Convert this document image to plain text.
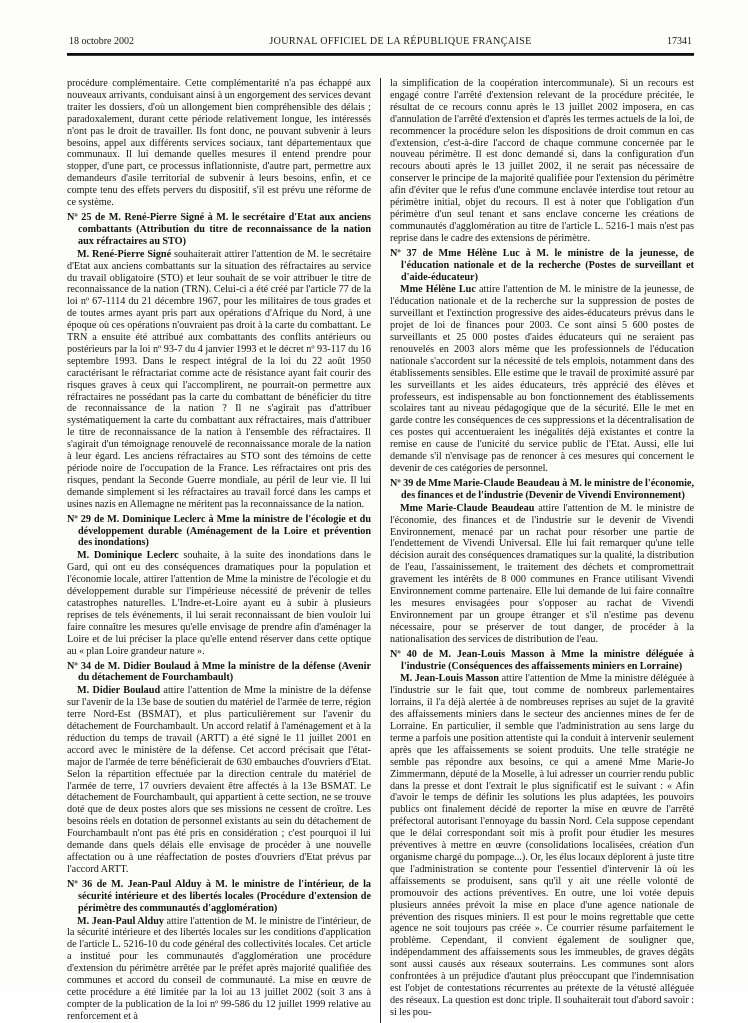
18 octobre 2002	JOURNAL OFFICIEL DE LA RÉPUBLIQUE FRANÇAISE	17341

procédure complémentaire. Cette complémentarité n'a pas échappé aux nouveaux arrivants, conduisant ainsi à un engorgement des services devant traiter les dossiers, d'où un allongement bien compréhensible des délais ; paradoxalement, durant cette période relativement longue, les intéressés n'ont pas le droit de travailler. Ils font donc, ne pouvant subvenir à leurs besoins, appel aux différents services sociaux, tant départementaux que communaux. Il lui demande quelles mesures il entend prendre pour stopper, d'une part, ce processus inflationniste, d'autre part, permettre aux demandeurs d'asile territorial de subvenir à leurs besoins, enfin, et ce compte tenu des effets pervers du dispositif, s'il est prévu une réforme de ce système.

Nº 25 de M. René-Pierre Signé à M. le secrétaire d'Etat aux anciens combattants (Attribution du titre de reconnaissance de la nation aux réfractaires au STO)

M. René-Pierre Signé souhaiterait attirer l'attention de M. le secrétaire d'Etat aux anciens combattants sur la situation des réfractaires au service du travail obligatoire (STO) et leur souhait de se voir attribuer le titre de reconnaissance de la nation (TRN). Celui-ci a été créé par l'article 77 de la loi nº 67-1114 du 21 décembre 1967, pour les militaires de tous grades et de toutes armes ayant pris part aux opérations d'Afrique du Nord, à une époque où ces opérations n'ouvraient pas droit à la carte du combattant. Le TRN a ensuite été attribué aux combattants des conflits antérieurs ou postérieurs par la loi nº 93-7 du 4 janvier 1993 et le décret nº 93-117 du 16 septembre 1993. Dans le respect intégral de la loi du 22 août 1950 caractérisant le réfractariat comme acte de résistance ayant fait courir des risques graves à ceux qui l'accomplirent, ne pourrait-on permettre aux réfractaires ne possédant pas la carte du combattant de bénéficier du titre de reconnaissance de la nation ? Il ne s'agirait pas d'attribuer systématiquement la carte du combattant aux réfractaires, mais d'attribuer le titre de reconnaissance de la nation à l'ensemble des réfractaires. Il s'agirait d'un témoignage renouvelé de reconnaissance morale de la nation à leur égard. Les anciens réfractaires au STO sont des témoins de cette période noire de l'occupation de la France. Les réfractaires ont pris des risques, pendant la Seconde Guerre mondiale, au péril de leur vie. Il lui demande simplement si les réfractaires au travail forcé dans les camps et usines nazis en Allemagne ne méritent pas la reconnaissance de la nation.

Nº 29 de M. Dominique Leclerc à Mme la ministre de l'écologie et du développement durable (Aménagement de la Loire et prévention des inondations)

M. Dominique Leclerc souhaite, à la suite des inondations dans le Gard, qui ont eu des conséquences dramatiques pour la population et l'économie locale, attirer l'attention de Mme la ministre de l'écologie et du développement durable sur l'impérieuse nécessité de prévenir de telles catastrophes naturelles. L'Indre-et-Loire ayant eu à subir à plusieurs reprises de tels événements, il lui serait reconnaissant de bien vouloir lui faire connaître les mesures qu'elle envisage de prendre afin d'aménager la Loire et de lui préciser la place qu'elle entend réserver dans cette optique au « plan Loire grandeur nature ».

Nº 34 de M. Didier Boulaud à Mme la ministre de la défense (Avenir du détachement de Fourchambault)

M. Didier Boulaud attire l'attention de Mme la ministre de la défense sur l'avenir de la 13e base de soutien du matériel de l'armée de terre, région terre Nord-Est (BSMAT), et plus particulièrement sur l'avenir du détachement de Fourchambault. Un accord relatif à l'aménagement et à la réduction du temps de travail (ARTT) a été signé le 11 juillet 2001 en accord avec le ministère de la défense. Cet accord précisait que l'état-major de l'armée de terre bénéficierait de 630 embauches d'ouvriers d'Etat. Selon la répartition effectuée par la direction centrale du matériel de l'armée de terre, 17 ouvriers devaient être affectés à la 13e BSMAT. Le détachement de Fourchambault, qui appartient à cette section, ne se trouve doté que de deux postes alors que ses missions ne cessent de croître. Les besoins réels en dotation de personnel existants au sein du détachement de Fourchambault n'ont pas été pris en considération ; c'est pourquoi il lui demande dans quels délais elle envisage de procéder à une nouvelle affectation ou à une réaffectation de postes d'ouvriers d'Etat prévus par l'accord ARTT.

Nº 36 de M. Jean-Paul Alduy à M. le ministre de l'intérieur, de la sécurité intérieure et des libertés locales (Procédure d'extension de périmètre des communautés d'agglomération)

M. Jean-Paul Alduy attire l'attention de M. le ministre de l'intérieur, de la sécurité intérieure et des libertés locales sur les conditions d'application de l'article L. 5216-10 du code général des collectivités locales. Cet article a institué pour les communautés d'agglomération une procédure d'extension du périmètre arrêtée par le préfet après majorité qualifiée des communes et accord du conseil de communauté. La mise en œuvre de cette procédure a été limitée par la loi au 13 juillet 2002 (soit 3 ans à compter de la publication de la loi nº 99-586 du 12 juillet 1999 relative au renforcement et à

la simplification de la coopération intercommunale). Si un recours est engagé contre l'arrêté d'extension relevant de la procédure précitée, le résultat de ce recours connu après le 13 juillet 2002 imposera, en cas d'annulation de l'arrêté d'extension et d'après les termes actuels de la loi, de recommencer la procédure selon les dispositions de droit commun en cas d'extension, c'est-à-dire l'accord de chaque commune concernée par le nouveau périmètre. Il est donc demandé si, dans la configuration d'un recours abouti après le 13 juillet 2002, il ne serait pas nécessaire de conserver le principe de la majorité qualifiée pour l'extension du périmètre afin d'éviter que le refus d'une commune enclavée interdise tout retour au périmètre initial, objet du recours. Il est à noter que l'obligation d'un périmètre d'un seul tenant et sans enclave concerne les créations de communautés d'agglomération au titre de l'article L. 5216-1 mais n'est pas reprise dans le cadre des extensions de périmètre.

Nº 37 de Mme Hélène Luc à M. le ministre de la jeunesse, de l'éducation nationale et de la recherche (Postes de surveillant et d'aide-éducateur)

Mme Hélène Luc attire l'attention de M. le ministre de la jeunesse, de l'éducation nationale et de la recherche sur la suppression de postes de surveillant et l'extinction progressive des aides-éducateurs prévus dans le projet de loi de finances pour 2003. Ce sont ainsi 5 600 postes de surveillants et 25 000 postes d'aides éducateurs qui ne seraient pas renouvelés en 2003 alors même que les professionnels de l'éducation nationale s'accordent sur la nécessité de tels emplois, notamment dans des établissements sensibles. Elle estime que le travail de proximité assuré par les surveillants et les aides éducateurs, très apprécié des élèves et professeurs, est indispensable au bon fonctionnement des établissements scolaires tant au niveau pédagogique que de la sécurité. Elle le met en garde contre les conséquences de ces suppressions et la décentralisation de ces postes qui accentueraient les inégalités déjà existantes et contre la remise en cause de l'unicité du service public de l'Etat. Aussi, elle lui demande s'il n'envisage pas de renoncer à ces mesures qui concernent le devenir de ces catégories de personnel.

Nº 39 de Mme Marie-Claude Beaudeau à M. le ministre de l'économie, des finances et de l'industrie (Devenir de Vivendi Environnement)

Mme Marie-Claude Beaudeau attire l'attention de M. le ministre de l'économie, des finances et de l'industrie sur le devenir de Vivendi Environnement, menacé par un rachat pour résorber une partie de l'endettement de Vivendi Universal. Elle lui fait remarquer qu'une telle décision aurait des conséquences dramatiques sur la qualité, la distribution de l'eau, l'assainissement, le traitement des déchets et compromettrait gravement les intérêts de 8 000 communes en France utilisant Vivendi Environnement comme partenaire. Elle lui demande de lui faire connaître les mesures envisagées pour s'opposer au rachat de Vivendi Environnement par un groupe étranger et s'il n'estime pas devenu nécessaire, pour se préserver de tout danger, de procéder à la nationalisation des services de distribution de l'eau.

Nº 40 de M. Jean-Louis Masson à Mme la ministre déléguée à l'industrie (Conséquences des affaissements miniers en Lorraine)

M. Jean-Louis Masson attire l'attention de Mme la ministre déléguée à l'industrie sur le fait que, tout comme de nombreux parlementaires lorrains, il l'a déjà alertée à de nombreuses reprises au sujet de la gravité des affaissements miniers dans le secteur des anciennes mines de fer de Lorraine. En particulier, il semble que l'administration au sens large du terme a parfois une position attentiste qui la conduit à intervenir seulement après que les affaissements se soient produits. Une telle stratégie ne semble pas répondre aux besoins, ce qui a amené Mme Marie-Jo Zimmermann, député de la Moselle, à lui adresser un courrier rendu public dans la presse et dont l'extrait le plus significatif est le suivant : « Afin d'avoir le temps de définir les solutions les plus adaptées, les pouvoirs publics ont finalement décidé de reporter la mise en œuvre de l'arrêté préfectoral autorisant l'ennoyage du bassin Nord. Cela suppose cependant que le délai correspondant soit mis à profit pour étudier les mesures préventives à mettre en œuvre (consolidations localisées, création d'un organisme chargé du pompage...). Or, les élus locaux déplorent à juste titre que l'administration se contente pour l'essentiel d'intervenir là où les affaissements se produisent, sans qu'il y ait une réelle volonté de promouvoir des actions préventives. En outre, une loi votée depuis plusieurs années prévoit la mise en place d'une agence nationale de prévention des risques miniers. Il est pour le moins regrettable que cette agence ne soit toujours pas créée ». Ce courrier résume parfaitement le problème. Cependant, il convient également de souligner que, indépendamment des affaissements sous les immeubles, de graves dégâts sont aussi causés aux réseaux souterrains. Les communes sont alors confrontées à un préjudice d'autant plus préoccupant que l'indemnisation est l'objet de contestations récurrentes au prétexte de la vétusté alléguée des réseaux. La question est donc triple. Il souhaiterait tout d'abord savoir : si les pou-
